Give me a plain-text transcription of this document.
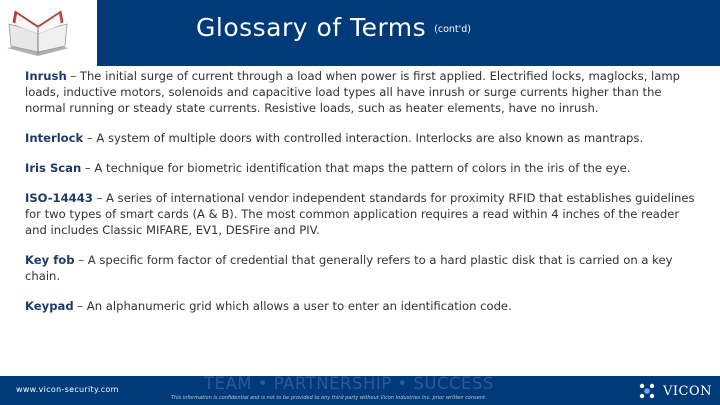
Glossary of Terms $^{(cont'd)}$

Inrush – The initial surge of current through a load when power is first applied. Electrified locks, maglocks, lamp loads, inductive motors, solenoids and capacitive load types all have inrush or surge currents higher than the normal running or steady state currents. Resistive loads, such as heater elements, have no inrush.

Interlock – A system of multiple doors with controlled interaction. Interlocks are also known as mantraps.

Iris Scan – A technique for biometric identification that maps the pattern of colors in the iris of the eye.

ISO-14443 – A series of international vendor independent standards for proximity RFID that establishes guidelines for two types of smart cards (A & B). The most common application requires a read within 4 inches of the reader and includes Classic MIFARE, EV1, DESFire and PIV.

Key fob – A specific form factor of credential that generally refers to a hard plastic disk that is carried on a key chain.

Keypad – An alphanumeric grid which allows a user to enter an identification code.

www.vicon-security.com	TEAM • PARTNERSHIP • SUCCESS
This information is confidential and is not to be provided to any third party without Vicon Industries Inc. prior written consent.	VICON
